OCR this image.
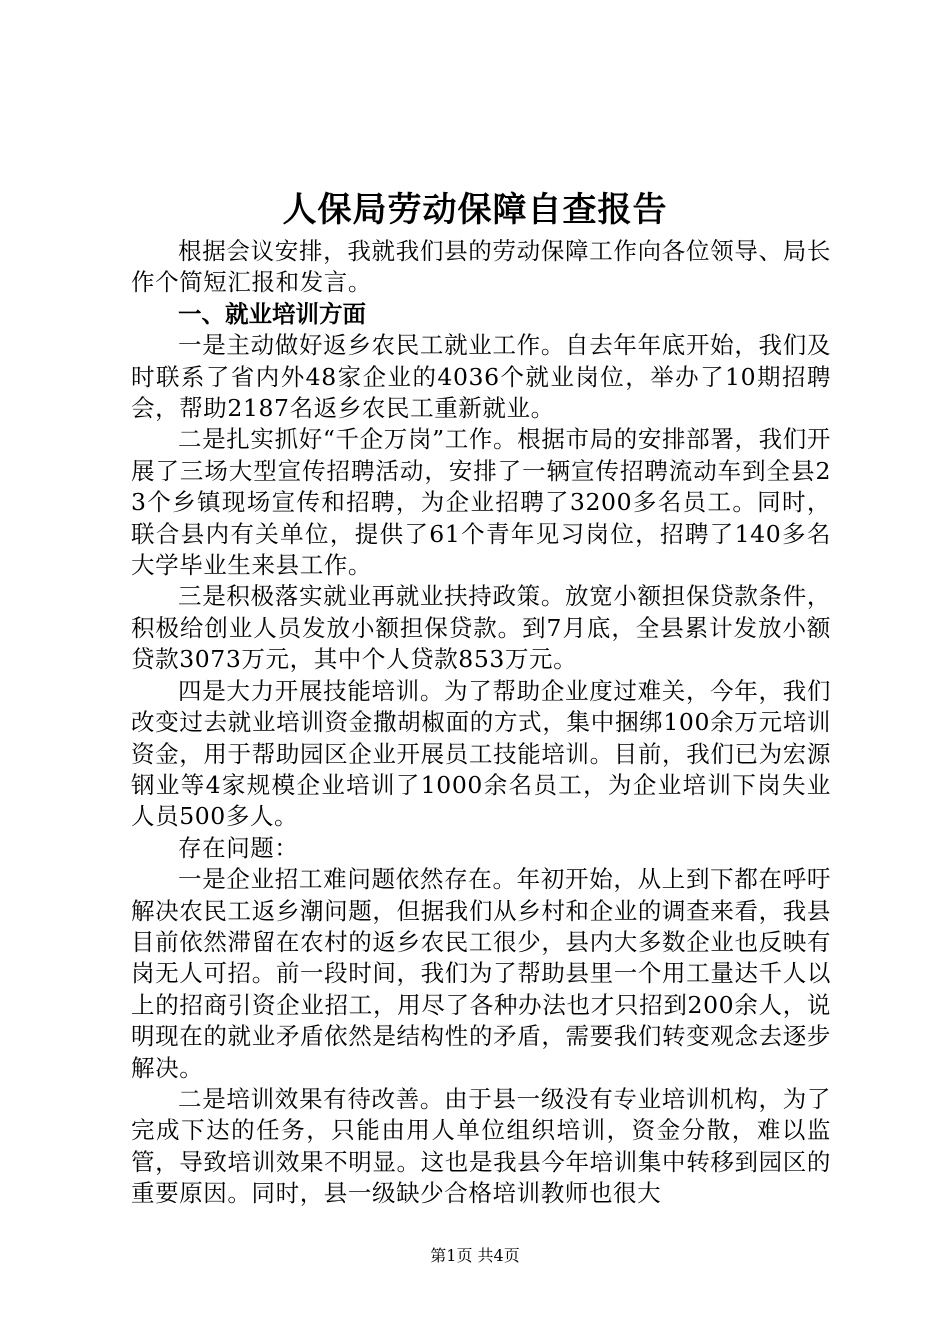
人保局劳动保障自查报告

根据会议安排，我就我们县的劳动保障工作向各位领导、局长作个简短汇报和发言。

一、就业培训方面

一是主动做好返乡农民工就业工作。自去年年底开始，我们及时联系了省内外48家企业的4036个就业岗位，举办了10期招聘会，帮助2187名返乡农民工重新就业。

二是扎实抓好“千企万岗”工作。根据市局的安排部署，我们开展了三场大型宣传招聘活动，安排了一辆宣传招聘流动车到全县23个乡镇现场宣传和招聘，为企业招聘了3200多名员工。同时，联合县内有关单位，提供了61个青年见习岗位，招聘了140多名大学毕业生来县工作。

三是积极落实就业再就业扶持政策。放宽小额担保贷款条件，积极给创业人员发放小额担保贷款。到7月底，全县累计发放小额贷款3073万元，其中个人贷款853万元。

四是大力开展技能培训。为了帮助企业度过难关，今年，我们改变过去就业培训资金撒胡椒面的方式，集中捆绑100余万元培训资金，用于帮助园区企业开展员工技能培训。目前，我们已为宏源钢业等4家规模企业培训了1000余名员工，为企业培训下岗失业人员500多人。

存在问题：

一是企业招工难问题依然存在。年初开始，从上到下都在呼吁解决农民工返乡潮问题，但据我们从乡村和企业的调查来看，我县目前依然滞留在农村的返乡农民工很少，县内大多数企业也反映有岗无人可招。前一段时间，我们为了帮助县里一个用工量达千人以上的招商引资企业招工，用尽了各种办法也才只招到200余人，说明现在的就业矛盾依然是结构性的矛盾，需要我们转变观念去逐步解决。

二是培训效果有待改善。由于县一级没有专业培训机构，为了完成下达的任务，只能由用人单位组织培训，资金分散，难以监管，导致培训效果不明显。这也是我县今年培训集中转移到园区的重要原因。同时，县一级缺少合格培训教师也很大

第1页 共4页
